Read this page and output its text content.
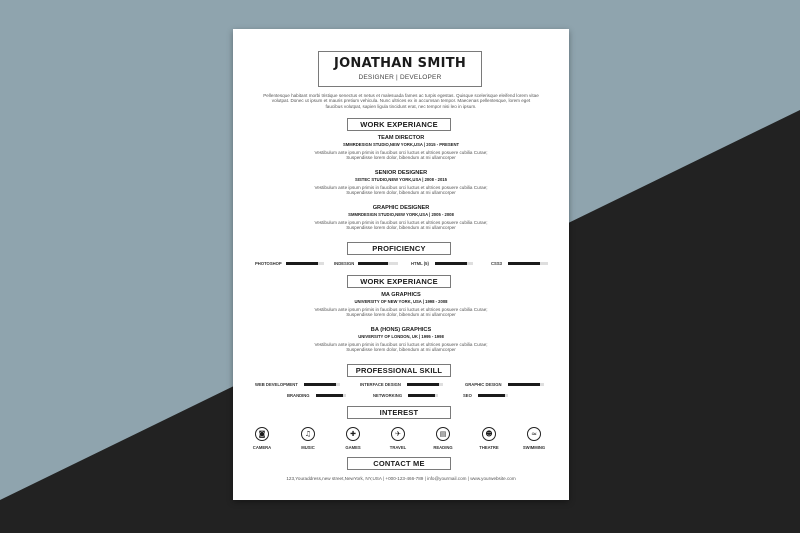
JONATHAN SMITH
DESIGNER | DEVELOPER
Pellentesque habitant morbi tristique senectus et netus et malesuada fames ac turpis egestas. Quisque scelerisque eleifend lorem vitae volutpat. Donec ut ipsum et mauris pretium vehicula. Nunc ultrices ex in accumsan tempor. Maecenas pellentesque, lorem eget faucibus volutpat, sapien ligula tincidunt erat, nec tempor nisi leo in ipsum.
WORK EXPERIANCE
TEAM DIRECTOR
SMMRDESIGN STUDIO,NEW YORK,USA | 2015 - PRESENT
Vestibulum ante ipsum primis in faucibus orci luctus et ultrices posuere cubilia Curae;
Suspendisse lorem dolor, bibendum at mi ullamcorper
SENIOR DESIGNER
SISTEC STUDIO,NEW YORK,USA | 2008 - 2015
Vestibulum ante ipsum primis in faucibus orci luctus et ultrices posuere cubilia Curae;
Suspendisse lorem dolor, bibendum at mi ullamcorper
GRAPHIC DESIGNER
SMMRDESIGN STUDIO,NEW YORK,USA | 2005 - 2008
Vestibulum ante ipsum primis in faucibus orci luctus et ultrices posuere cubilia Curae;
Suspendisse lorem dolor, bibendum at mi ullamcorper
PROFICIENCY
PHOTOSHOP	INDESIGN	HTML (5)	CSS3
WORK EXPERIANCE
MA GRAPHICS
UNIVERSITY OF NEW YORK, USA | 1998 - 2008
Vestibulum ante ipsum primis in faucibus orci luctus et ultrices posuere cubilia Curae;
Suspendisse lorem dolor, bibendum at mi ullamcorper
BA (HONS) GRAPHICS
UNIVERSITY OF LONDON, UK | 1995 - 1998
Vestibulum ante ipsum primis in faucibus orci luctus et ultrices posuere cubilia Curae;
Suspendisse lorem dolor, bibendum at mi ullamcorper
PROFESSIONAL SKILL
WEB DEVELOPMENT	INTERFACE DESIGN	GRAPHIC DESIGN
BRANDING	NETWORKING	SEO
INTEREST
◙
CAMERA
♫
MUSIC
✚
GAMES
✈
TRAVEL
▤
READING
☻
THEATRE
≈
SWIMMING
CONTACT ME
123,Youraddress,new street,NewYork, NY,USA | +000-123-466-789 | info@yourmail.com | www.yourwebsite.com
